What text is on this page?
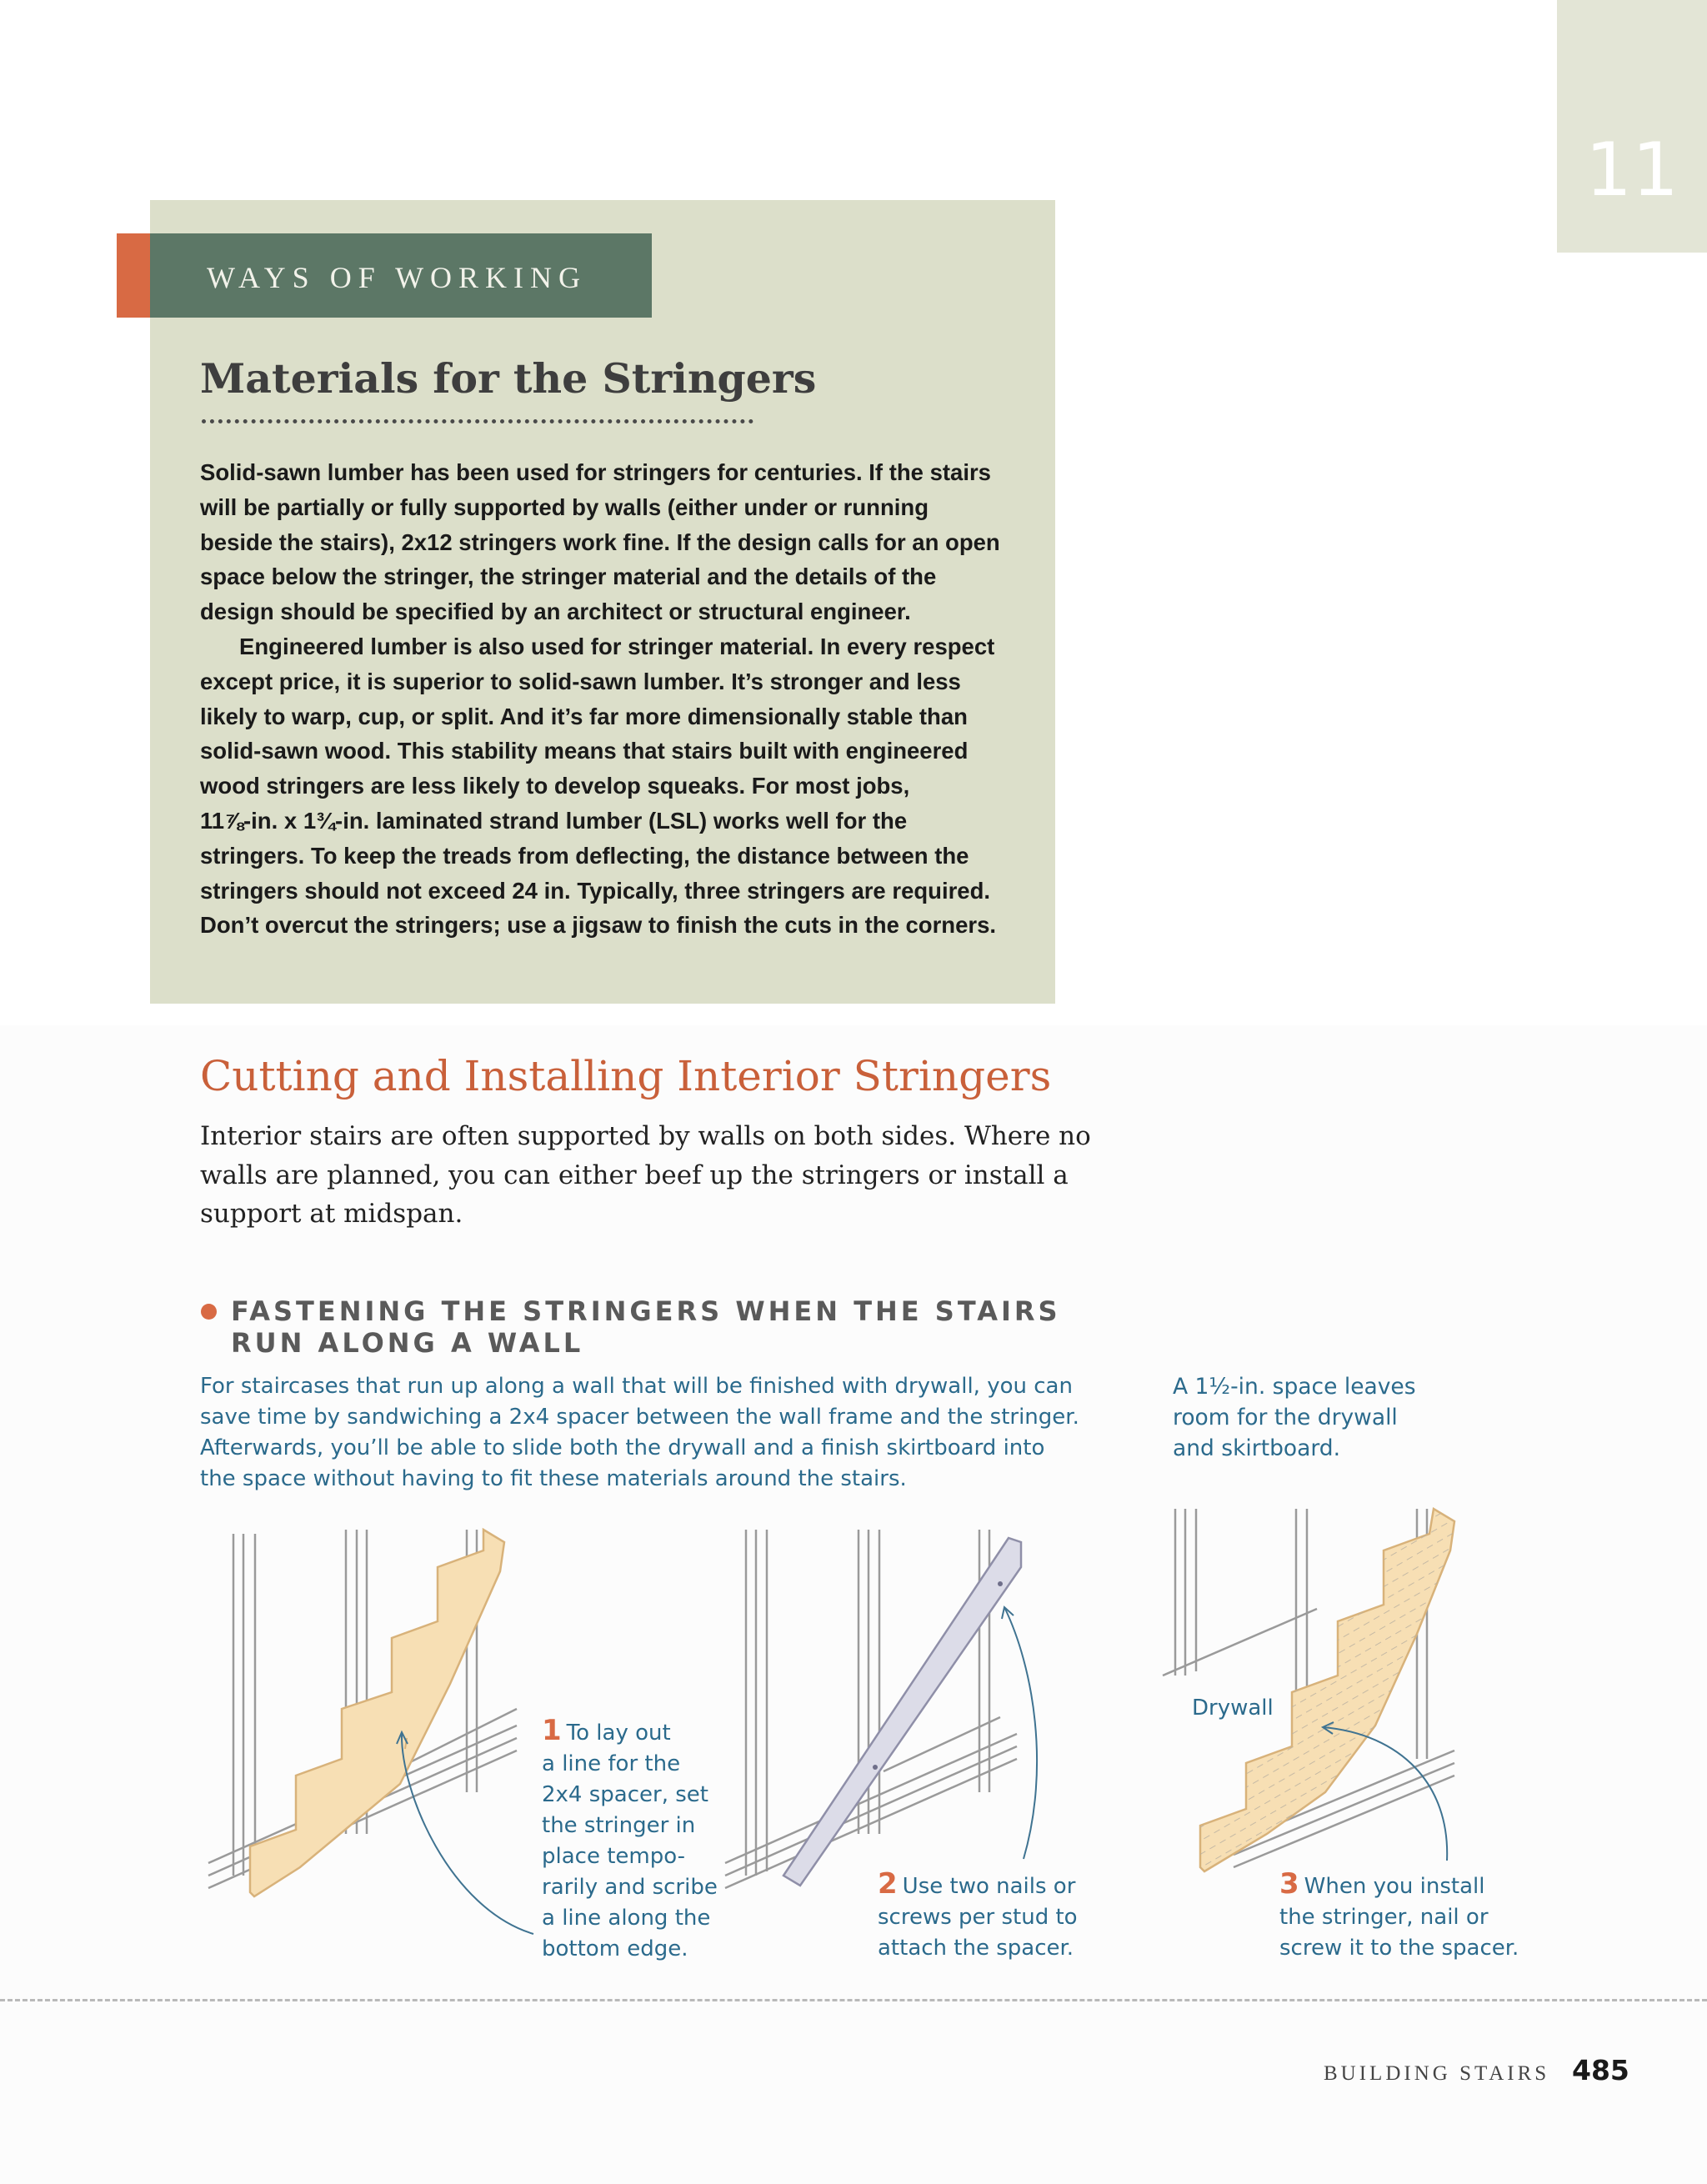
11
WAYS OF WORKING
Materials for the Stringers

Solid-sawn lumber has been used for stringers for centuries. If the stairs

will be partially or fully supported by walls (either under or running

beside the stairs), 2x12 stringers work fine. If the design calls for an open

space below the stringer, the stringer material and the details of the

design should be specified by an architect or structural engineer.

Engineered lumber is also used for stringer material. In every respect

except price, it is superior to solid-sawn lumber. It’s stronger and less

likely to warp, cup, or split. And it’s far more dimensionally stable than

solid-sawn wood. This stability means that stairs built with engineered

wood stringers are less likely to develop squeaks. For most jobs,

11⅞-in. x 1¾-in. laminated strand lumber (LSL) works well for the

stringers. To keep the treads from deflecting, the distance between the

stringers should not exceed 24 in. Typically, three stringers are required.

Don’t overcut the stringers; use a jigsaw to finish the cuts in the corners.

Cutting and Installing Interior Stringers

Interior stairs are often supported by walls on both sides. Where no

walls are planned, you can either beef up the stringers or install a

support at midspan.

FASTENING THE STRINGERS WHEN THE STAIRS

RUN ALONG A WALL

For staircases that run up along a wall that will be finished with drywall, you can

save time by sandwiching a 2x4 spacer between the wall frame and the stringer.

Afterwards, you’ll be able to slide both the drywall and a finish skirtboard into

the space without having to fit these materials around the stairs.

A 1½-in. space leaves

room for the drywall

and skirtboard.

Drywall

1 To lay out

a line for the

2x4 spacer, set

the stringer in

place tempo-

rarily and scribe

a line along the

bottom edge.

2 Use two nails or

screws per stud to

attach the spacer.

3 When you install

the stringer, nail or

screw it to the spacer.

BUILDING STAIRS 485
